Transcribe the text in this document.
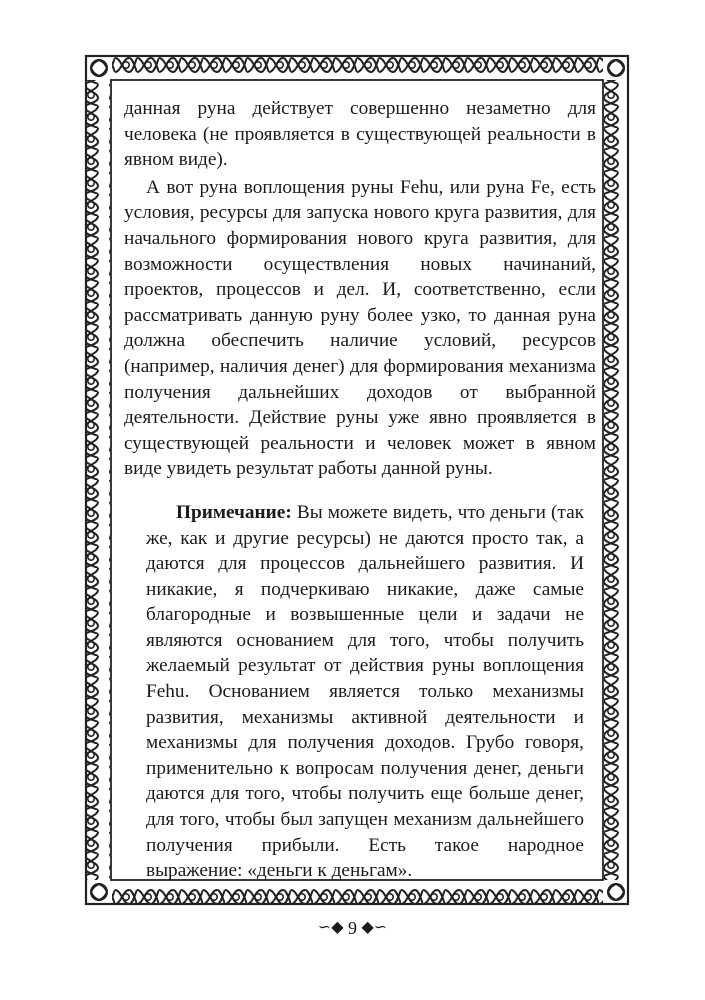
данная руна действует совершенно незаметно для человека (не проявляется в существующей реальности в явном виде).

А вот руна воплощения руны Fehu, или руна Fe, есть условия, ресурсы для запуска нового круга развития, для начального формирования нового круга развития, для возможности осуществления новых начинаний, проектов, процессов и дел. И, соответственно, если рассматривать данную руну более узко, то данная руна должна обеспечить наличие условий, ресурсов (например, наличия денег) для формирования механизма получения дальнейших доходов от выбранной деятельности. Действие руны уже явно проявляется в существующей реальности и человек может в явном виде увидеть результат работы данной руны.

Примечание: Вы можете видеть, что деньги (так же, как и другие ресурсы) не даются просто так, а даются для процессов дальнейшего развития. И никакие, я подчеркиваю никакие, даже самые благородные и возвышенные цели и задачи не являются основанием для того, чтобы получить желаемый результат от действия руны воплощения Fehu. Основанием является только механизмы развития, механизмы активной деятельности и механизмы для получения доходов. Грубо говоря, применительно к вопросам получения денег, деньги даются для того, чтобы получить еще больше денег, для того, чтобы был запущен механизм дальнейшего получения прибыли. Есть такое народное выражение: «деньги к деньгам».
∽◆ 9 ◆∽
